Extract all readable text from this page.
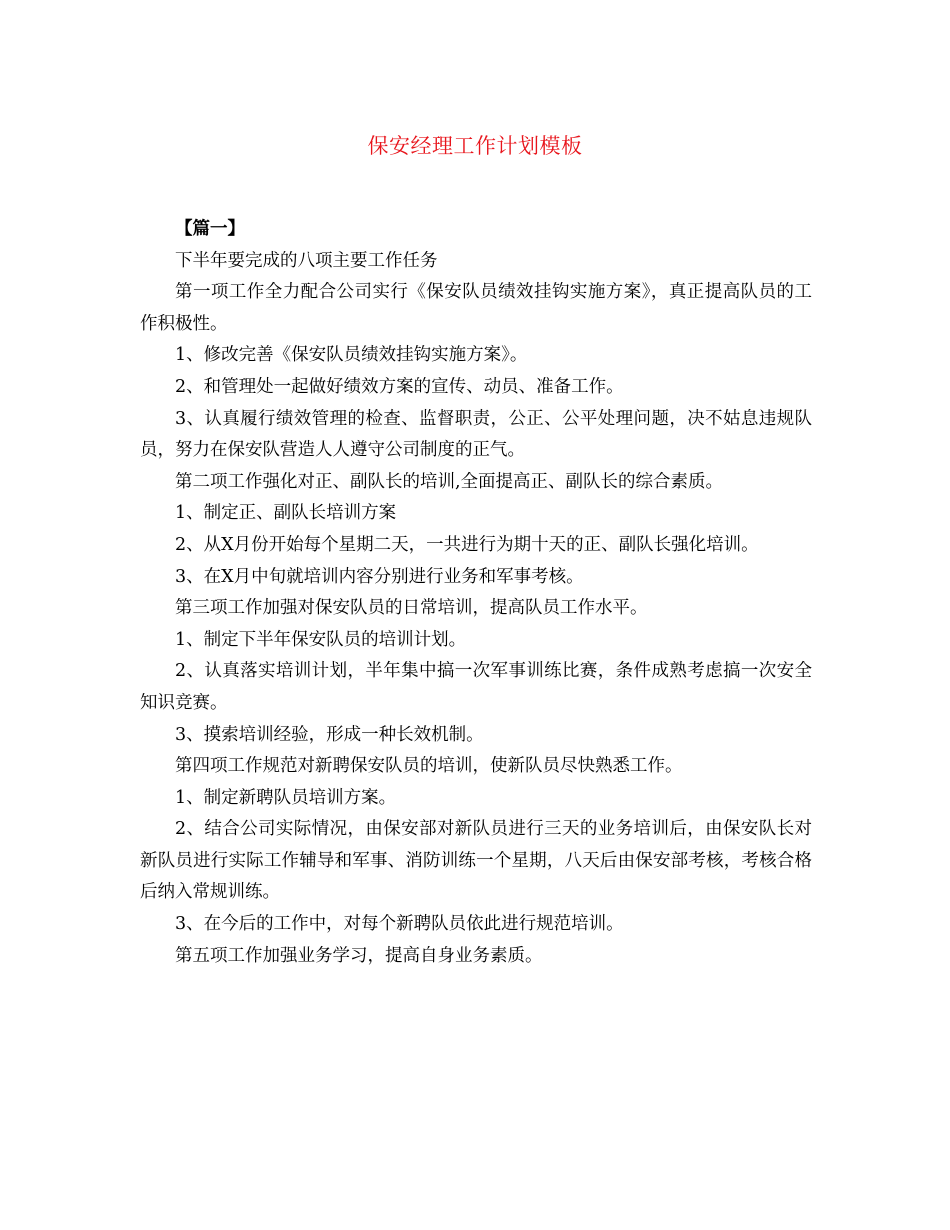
保安经理工作计划模板

【篇一】

下半年要完成的八项主要工作任务

第一项工作全力配合公司实行《保安队员绩效挂钩实施方案》，真正提高队员的工作积极性。

1、修改完善《保安队员绩效挂钩实施方案》。

2、和管理处一起做好绩效方案的宣传、动员、准备工作。

3、认真履行绩效管理的检查、监督职责，公正、公平处理问题，决不姑息违规队员，努力在保安队营造人人遵守公司制度的正气。

第二项工作强化对正、副队长的培训,全面提高正、副队长的综合素质。

1、制定正、副队长培训方案

2、从X月份开始每个星期二天，一共进行为期十天的正、副队长强化培训。

3、在X月中旬就培训内容分别进行业务和军事考核。

第三项工作加强对保安队员的日常培训，提高队员工作水平。

1、制定下半年保安队员的培训计划。

2、认真落实培训计划，半年集中搞一次军事训练比赛，条件成熟考虑搞一次安全知识竞赛。

3、摸索培训经验，形成一种长效机制。

第四项工作规范对新聘保安队员的培训，使新队员尽快熟悉工作。

1、制定新聘队员培训方案。

2、结合公司实际情况，由保安部对新队员进行三天的业务培训后，由保安队长对新队员进行实际工作辅导和军事、消防训练一个星期，八天后由保安部考核，考核合格后纳入常规训练。

3、在今后的工作中，对每个新聘队员依此进行规范培训。

第五项工作加强业务学习，提高自身业务素质。
